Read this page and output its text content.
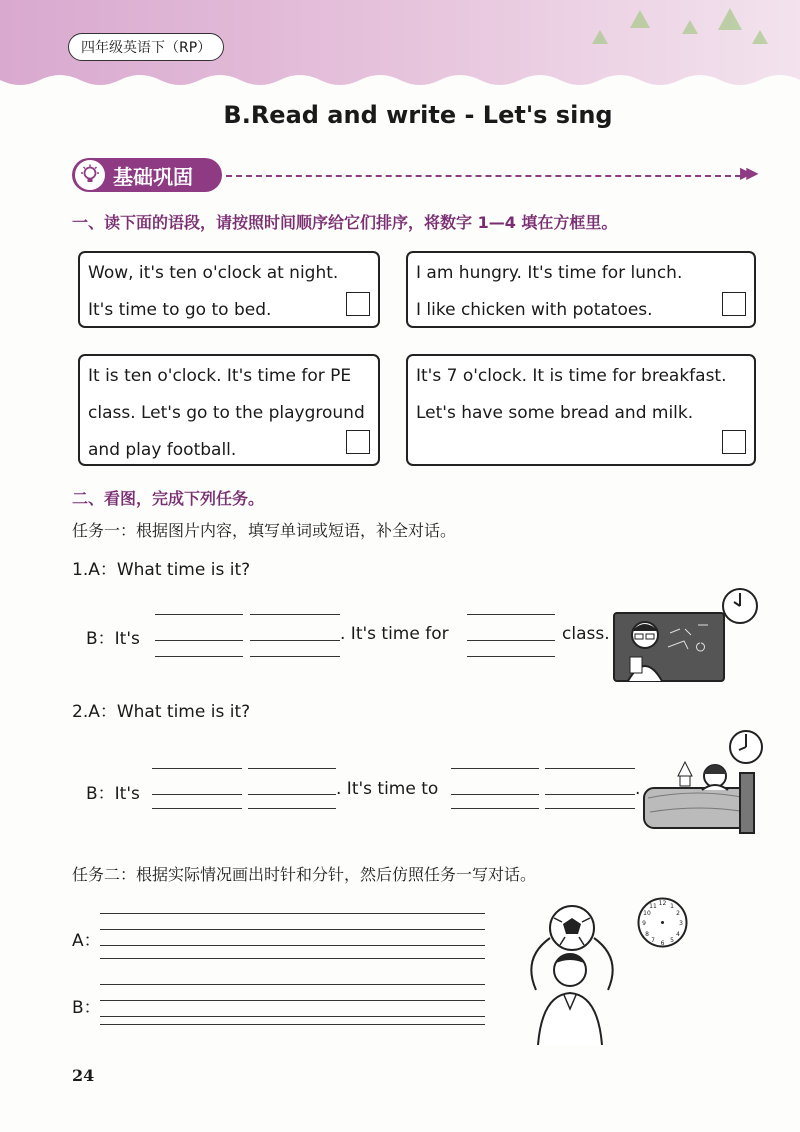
四年级英语下（RP）
B.Read and write - Let's sing
基础巩固	▶▶
一、读下面的语段，请按照时间顺序给它们排序，将数字 1—4 填在方框里。
Wow, it's ten o'clock at night.
It's time to go to bed.
I am hungry. It's time for lunch.
I like chicken with potatoes.
It is ten o'clock. It's time for PE
class. Let's go to the playground
and play football.
It's 7 o'clock. It is time for breakfast.
Let's have some bread and milk.
二、看图，完成下列任务。
任务一：根据图片内容，填写单词或短语，补全对话。
1.A：What time is it?
B：It's	. It's time for	class.
2.A：What time is it?
B：It's	. It's time to	.
任务二：根据实际情况画出时针和分针，然后仿照任务一写对话。
A：
B：
12
3
6
9
1
2
4
5
7
8
10
11
24
